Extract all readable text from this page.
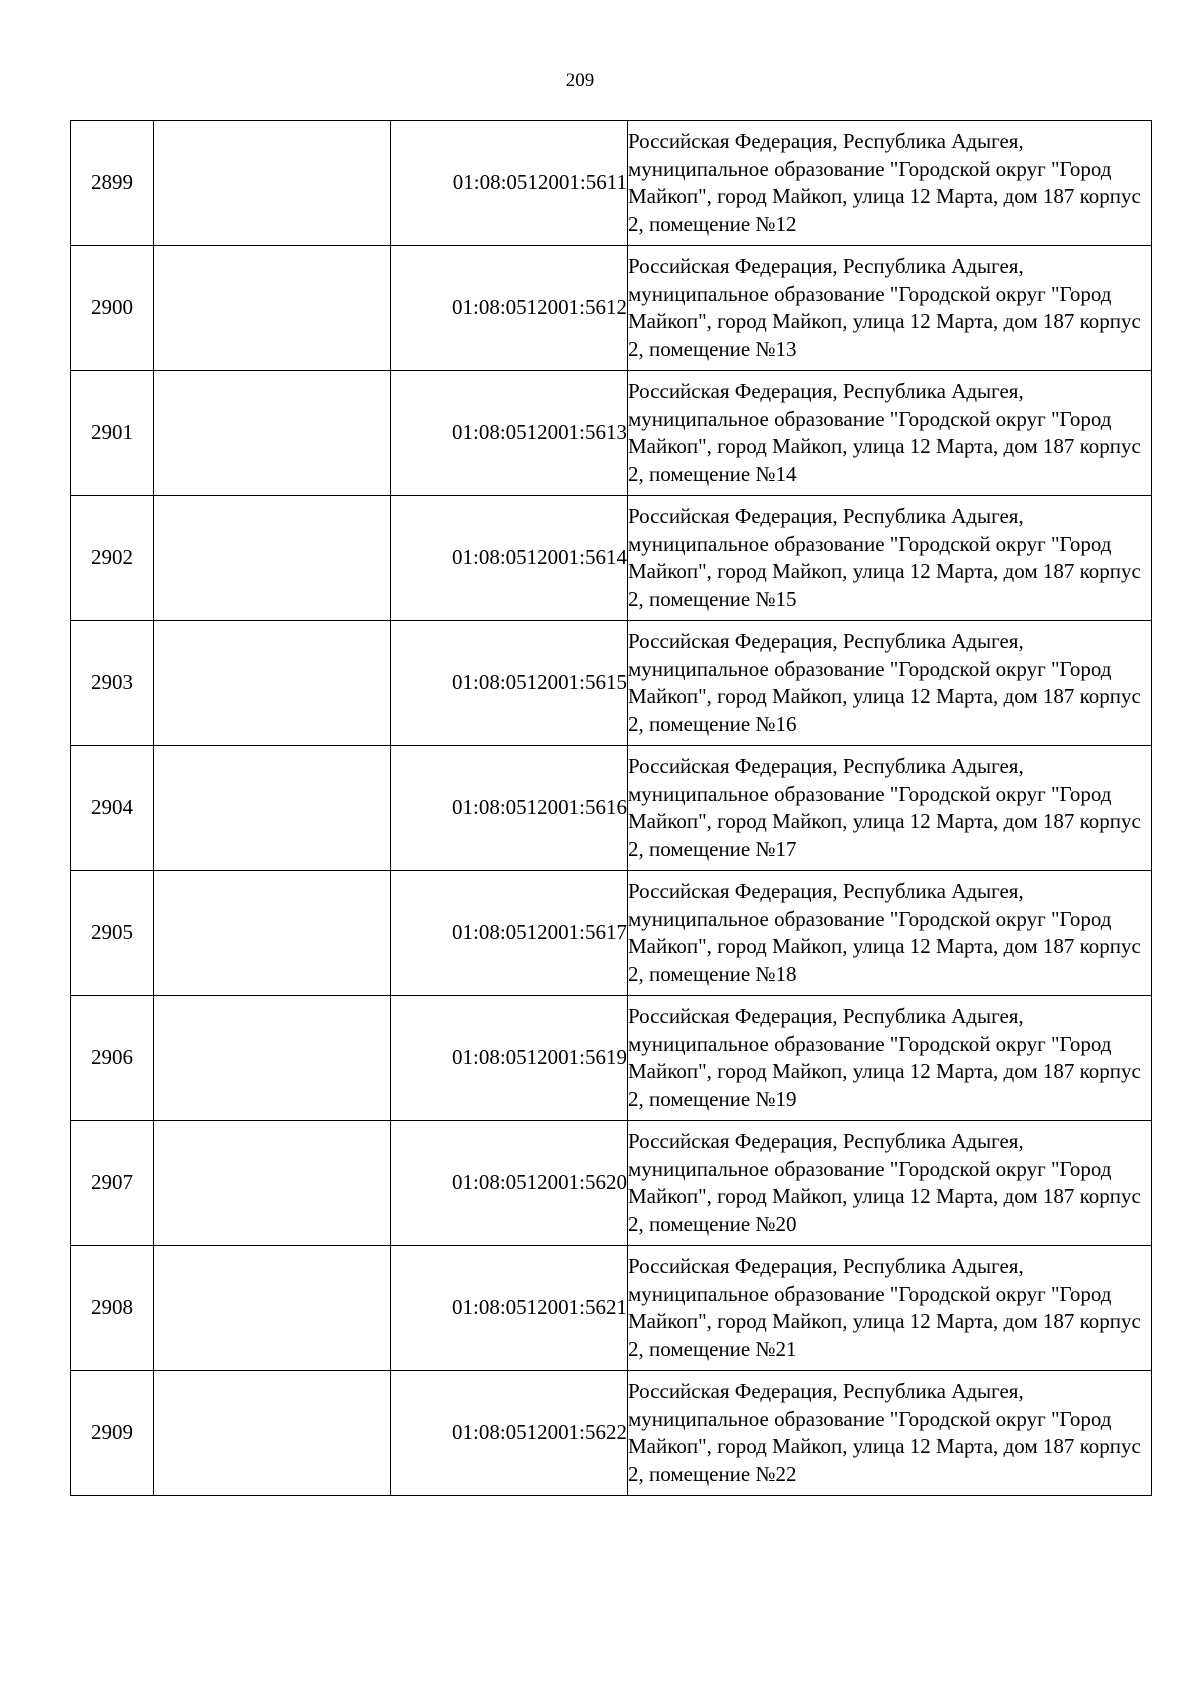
209
2899		01:08:0512001:5611	Российская Федерация, Республика Адыгея, муниципальное образование "Городской округ "Город Майкоп", город Майкоп, улица 12 Марта, дом 187 корпус 2, помещение №12
2900		01:08:0512001:5612	Российская Федерация, Республика Адыгея, муниципальное образование "Городской округ "Город Майкоп", город Майкоп, улица 12 Марта, дом 187 корпус 2, помещение №13
2901		01:08:0512001:5613	Российская Федерация, Республика Адыгея, муниципальное образование "Городской округ "Город Майкоп", город Майкоп, улица 12 Марта, дом 187 корпус 2, помещение №14
2902		01:08:0512001:5614	Российская Федерация, Республика Адыгея, муниципальное образование "Городской округ "Город Майкоп", город Майкоп, улица 12 Марта, дом 187 корпус 2, помещение №15
2903		01:08:0512001:5615	Российская Федерация, Республика Адыгея, муниципальное образование "Городской округ "Город Майкоп", город Майкоп, улица 12 Марта, дом 187 корпус 2, помещение №16
2904		01:08:0512001:5616	Российская Федерация, Республика Адыгея, муниципальное образование "Городской округ "Город Майкоп", город Майкоп, улица 12 Марта, дом 187 корпус 2, помещение №17
2905		01:08:0512001:5617	Российская Федерация, Республика Адыгея, муниципальное образование "Городской округ "Город Майкоп", город Майкоп, улица 12 Марта, дом 187 корпус 2, помещение №18
2906		01:08:0512001:5619	Российская Федерация, Республика Адыгея, муниципальное образование "Городской округ "Город Майкоп", город Майкоп, улица 12 Марта, дом 187 корпус 2, помещение №19
2907		01:08:0512001:5620	Российская Федерация, Республика Адыгея, муниципальное образование "Городской округ "Город Майкоп", город Майкоп, улица 12 Марта, дом 187 корпус 2, помещение №20
2908		01:08:0512001:5621	Российская Федерация, Республика Адыгея, муниципальное образование "Городской округ "Город Майкоп", город Майкоп, улица 12 Марта, дом 187 корпус 2, помещение №21
2909		01:08:0512001:5622	Российская Федерация, Республика Адыгея, муниципальное образование "Городской округ "Город Майкоп", город Майкоп, улица 12 Марта, дом 187 корпус 2, помещение №22
